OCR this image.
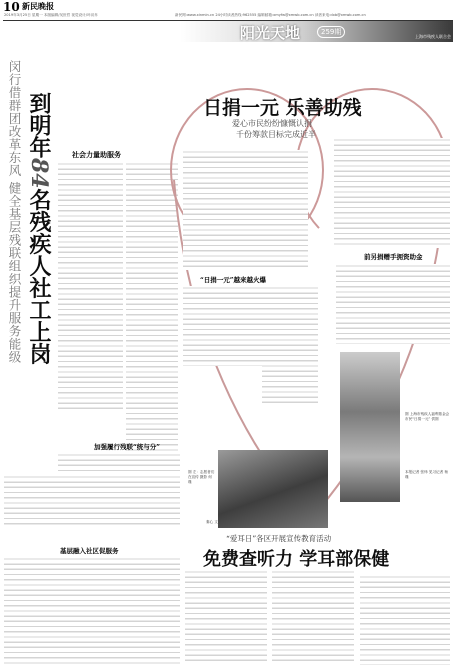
10 新民晚报
2019年3月25日 星期一 本版编辑/吴世哲 视觉设计/叶羽乔	新民网:www.xinmin.cn 24小时读者热线:962555 编辑邮箱:xmyfw@xmwb.com.cn 读者来电:dxb@xmwb.com.cn
阳光天地	259期
上海市残疾人联合会
闵行借群团改革东风 健全基层残联组织提升服务能级 到明年84名残疾人社工上岗
社会力量助服务
加强履行残联“统与分”
基层融入社区促服务
日捐一元 乐善助残
爱心市民纷纷慷慨认捐
千份筹款目标完成近半
“日捐一元”越来越火爆
图 左：志愿者们在宣传 摄影 何 瑾
秦心 文
前另捐赠手拥资助金
图 上海市残疾人福利基金会 市民“日捐一元” 供图
本报记者 张炜 见习记者 杨瑾
“爱耳日”各区开展宣传教育活动
免费查听力 学耳部保健
